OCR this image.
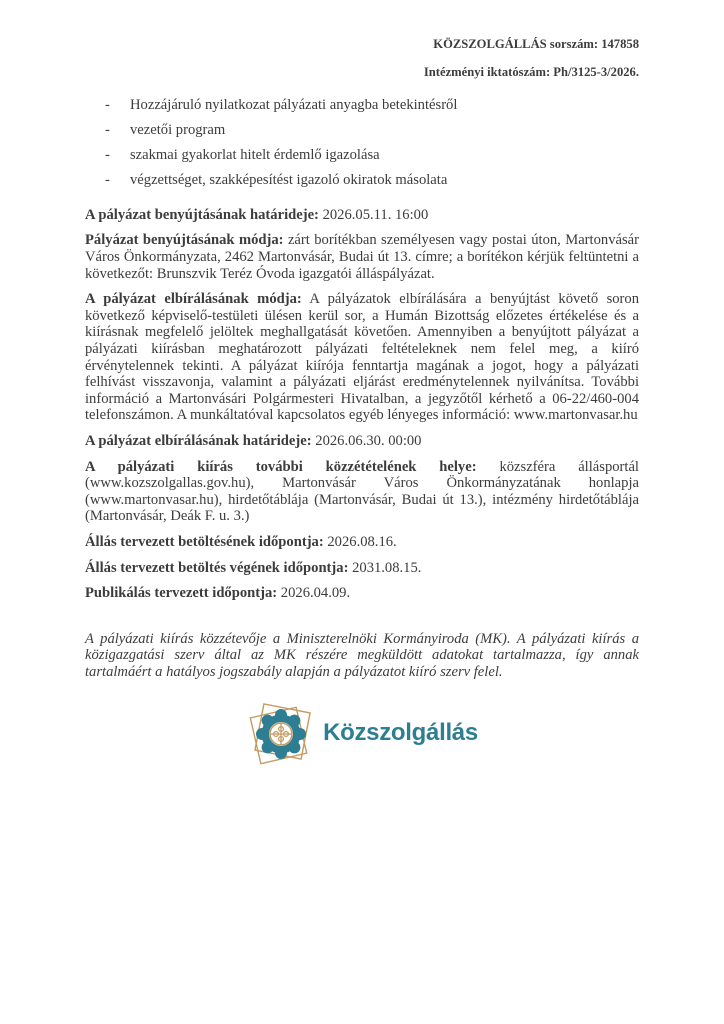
KÖZSZOLGÁLLÁS sorszám: 147858
Intézményi iktatószám: Ph/3125-3/2026.
-	Hozzájáruló nyilatkozat pályázati anyagba betekintésről
-	vezetői program
-	szakmai gyakorlat hitelt érdemlő igazolása
-	végzettséget, szakképesítést igazoló okiratok másolata

A pályázat benyújtásának határideje: 2026.05.11. 16:00

Pályázat benyújtásának módja: zárt borítékban személyesen vagy postai úton, Martonvásár Város Önkormányzata, 2462 Martonvásár, Budai út 13. címre; a borítékon kérjük feltüntetni a következőt: Brunszvik Teréz Óvoda igazgatói álláspályázat.

A pályázat elbírálásának módja: A pályázatok elbírálására a benyújtást követő soron következő képviselő-testületi ülésen kerül sor, a Humán Bizottság előzetes értékelése és a kiírásnak megfelelő jelöltek meghallgatását követően. Amennyiben a benyújtott pályázat a pályázati kiírásban meghatározott pályázati feltételeknek nem felel meg, a kiíró érvénytelennek tekinti. A pályázat kiírója fenntartja magának a jogot, hogy a pályázati felhívást visszavonja, valamint a pályázati eljárást eredménytelennek nyilvánítsa. További információ a Martonvásári Polgármesteri Hivatalban, a jegyzőtől kérhető a 06-22/460-004 telefonszámon. A munkáltatóval kapcsolatos egyéb lényeges információ: www.martonvasar.hu

A pályázat elbírálásának határideje: 2026.06.30. 00:00

A pályázati kiírás további közzétételének helye: közszféra állásportál (www.kozszolgallas.gov.hu), Martonvásár Város Önkormányzatának honlapja (www.martonvasar.hu), hirdetőtáblája (Martonvásár, Budai út 13.), intézmény hirdetőtáblája (Martonvásár, Deák F. u. 3.)

Állás tervezett betöltésének időpontja: 2026.08.16.

Állás tervezett betöltés végének időpontja: 2031.08.15.

Publikálás tervezett időpontja: 2026.04.09.

A pályázati kiírás közzétevője a Miniszterelnöki Kormányiroda (MK). A pályázati kiírás a közigazgatási szerv által az MK részére megküldött adatokat tartalmazza, így annak tartalmáért a hatályos jogszabály alapján a pályázatot kiíró szerv felel.

Közszolgállás
